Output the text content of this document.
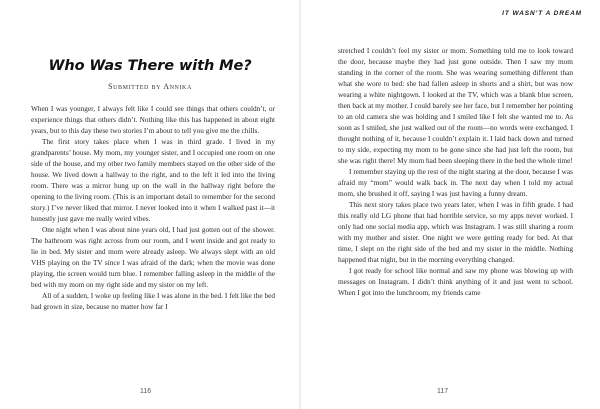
Who Was There with Me?
Submitted by Annika

When I was younger, I always felt like I could see things that others couldn’t, or experience things that others didn’t. Nothing like this has happened in about eight years, but to this day these two stories I’m about to tell you give me the chills.

The first story takes place when I was in third grade. I lived in my grandparents’ house. My mom, my younger sister, and I occupied one room on one side of the house, and my other two family members stayed on the other side of the house. We lived down a hallway to the right, and to the left it led into the living room. There was a mirror hung up on the wall in the hallway right before the opening to the living room. (This is an important detail to remember for the second story.) I’ve never liked that mirror. I never looked into it when I walked past it—it honestly just gave me really weird vibes.

One night when I was about nine years old, I had just gotten out of the shower. The bathroom was right across from our room, and I went inside and got ready to lie in bed. My sister and mom were already asleep. We always slept with an old VHS playing on the TV since I was afraid of the dark; when the movie was done playing, the screen would turn blue. I remember falling asleep in the middle of the bed with my mom on my right side and my sister on my left.

All of a sudden, I woke up feeling like I was alone in the bed. I felt like the bed had grown in size, because no matter how far I

116
IT WASN’T A DREAM

stretched I couldn’t feel my sister or mom. Something told me to look toward the door, because maybe they had just gone outside. Then I saw my mom standing in the corner of the room. She was wearing something different than what she wore to bed: she had fallen asleep in shorts and a shirt, but was now wearing a white nightgown. I looked at the TV, which was a blank blue screen, then back at my mother. I could barely see her face, but I remember her pointing to an old camera she was holding and I smiled like I felt she wanted me to. As soon as I smiled, she just walked out of the room—no words were exchanged. I thought nothing of it, because I couldn’t explain it. I laid back down and turned to my side, expecting my mom to be gone since she had just left the room, but she was right there! My mom had been sleeping there in the bed the whole time!

I remember staying up the rest of the night staring at the door, because I was afraid my “mom” would walk back in. The next day when I told my actual mom, she brushed it off, saying I was just having a funny dream.

This next story takes place two years later, when I was in fifth grade. I had this really old LG phone that had horrible service, so my apps never worked. I only had one social media app, which was Instagram. I was still sharing a room with my mother and sister. One night we were getting ready for bed. At that time, I slept on the right side of the bed and my sister in the middle. Nothing happened that night, but in the morning everything changed.

I got ready for school like normal and saw my phone was blowing up with messages on Instagram. I didn’t think anything of it and just went to school. When I got into the lunchroom, my friends came

117
